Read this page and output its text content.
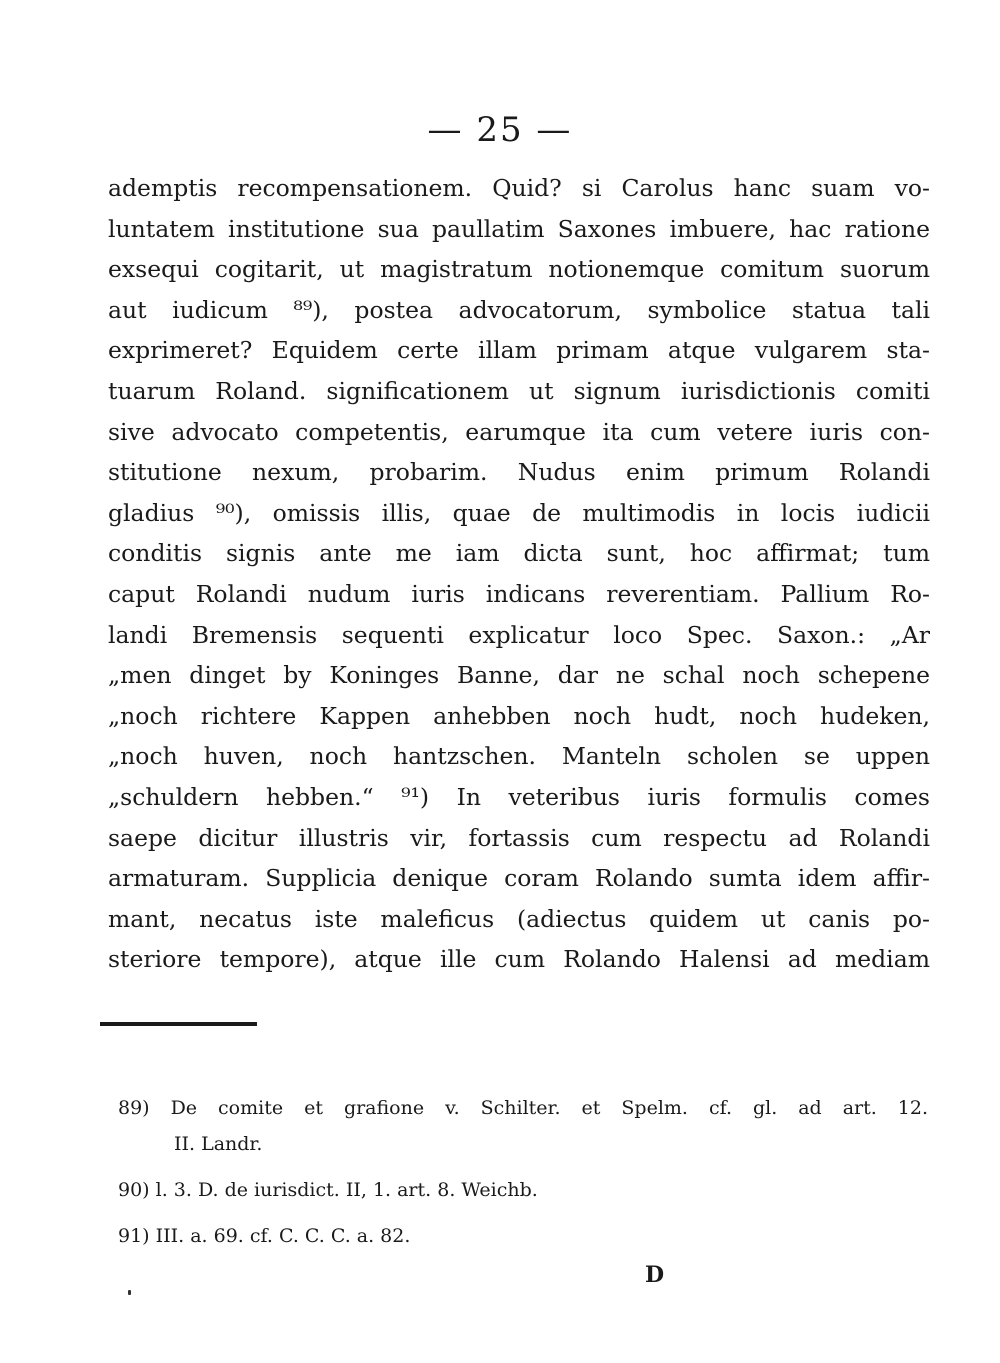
— 25 —
ademptis recompensationem. Quid? si Carolus hanc suam vo-
luntatem institutione sua paullatim Saxones imbuere, hac ratione
exsequi cogitarit, ut magistratum notionemque comitum suorum
aut iudicum ⁸⁹), postea advocatorum, symbolice statua tali
exprimeret? Equidem certe illam primam atque vulgarem sta-
tuarum Roland. significationem ut signum iurisdictionis comiti
sive advocato competentis, earumque ita cum vetere iuris con-
stitutione nexum, probarim. Nudus enim primum Rolandi
gladius ⁹⁰), omissis illis, quae de multimodis in locis iudicii
conditis signis ante me iam dicta sunt, hoc affirmat; tum
caput Rolandi nudum iuris indicans reverentiam. Pallium Ro-
landi Bremensis sequenti explicatur loco Spec. Saxon.: „Ar
„men dinget by Koninges Banne, dar ne schal noch schepene
„noch richtere Kappen anhebben noch hudt, noch hudeken,
„noch huven, noch hantzschen. Manteln scholen se uppen
„schuldern hebben.“ ⁹¹) In veteribus iuris formulis comes
saepe dicitur illustris vir, fortassis cum respectu ad Rolandi
armaturam. Supplicia denique coram Rolando sumta idem affir-
mant, necatus iste maleficus (adiectus quidem ut canis po-
steriore tempore), atque ille cum Rolando Halensi ad mediam
89) De comite et grafione v. Schilter. et Spelm. cf. gl. ad art. 12.
II. Landr.
90) l. 3. D. de iurisdict. II, 1. art. 8. Weichb.
91) III. a. 69. cf. C. C. C. a. 82.
D
